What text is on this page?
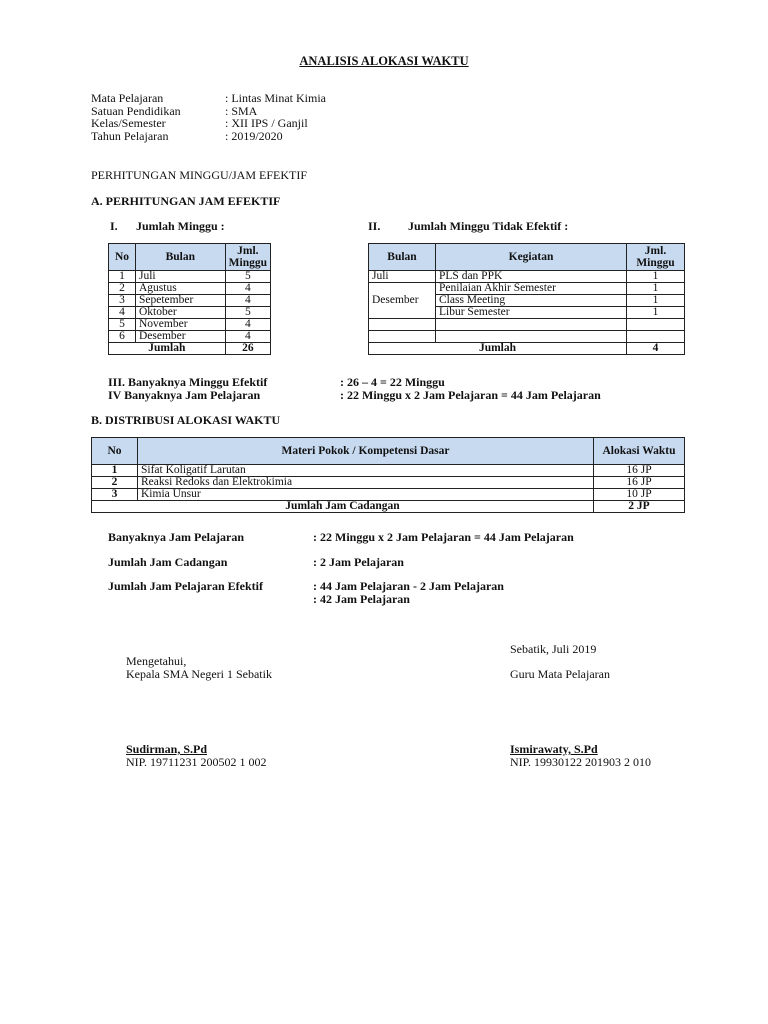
ANALISIS ALOKASI WAKTU
Mata Pelajaran	: Lintas Minat Kimia
Satuan Pendidikan	: SMA
Kelas/Semester	: XII IPS / Ganjil
Tahun Pelajaran	: 2019/2020
PERHITUNGAN MINGGU/JAM EFEKTIF
A. PERHITUNGAN JAM EFEKTIF
I. Jumlah Minggu :	II. Jumlah Minggu Tidak Efektif :
No	Bulan	Jml. Minggu
1	Juli	5
2	Agustus	4
3	Sepetember	4
4	Oktober	5
5	November	4
6	Desember	4
Jumlah		26
Bulan	Kegiatan	Jml. Minggu
Juli	PLS dan PPK	1
	Penilaian Akhir Semester	1
Desember	Class Meeting	1
	Libur Semester	1

Jumlah		4
III. Banyaknya Minggu Efektif	: 26 – 4 = 22 Minggu
IV Banyaknya Jam Pelajaran	: 22 Minggu x 2 Jam Pelajaran = 44 Jam Pelajaran
B. DISTRIBUSI ALOKASI WAKTU
No	Materi Pokok / Kompetensi Dasar	Alokasi Waktu
1	Sifat Koligatif Larutan	16 JP
2	Reaksi Redoks dan Elektrokimia	16 JP
3	Kimia Unsur	10 JP
Jumlah Jam Cadangan		2 JP
Banyaknya Jam Pelajaran	: 22 Minggu x 2 Jam Pelajaran = 44 Jam Pelajaran
Jumlah Jam Cadangan	: 2 Jam Pelajaran
Jumlah Jam Pelajaran Efektif	: 44 Jam Pelajaran - 2 Jam Pelajaran
: 42 Jam Pelajaran
Sebatik, Juli 2019
Mengetahui,
Kepala SMA Negeri 1 Sebatik	Guru Mata Pelajaran
Sudirman, S.Pd
NIP. 19711231 200502 1 002
Ismirawaty, S.Pd
NIP. 19930122 201903 2 010
